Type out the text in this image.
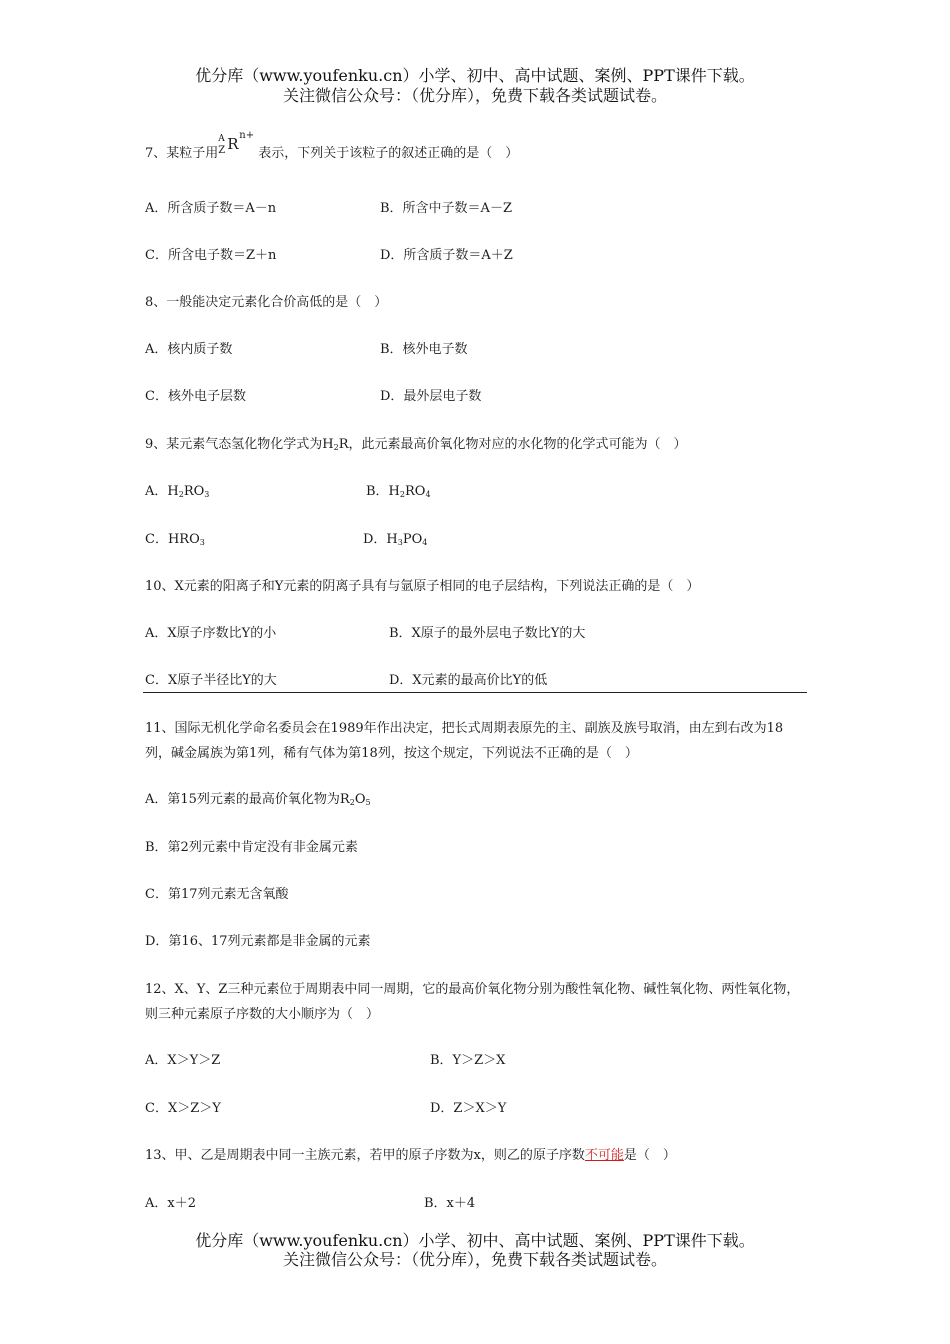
优分库（www.youfenku.cn）小学、初中、高中试题、案例、PPT课件下载。
关注微信公众号：（优分库），免费下载各类试题试卷。
7、某粒子用
A
Z R n+
表示，下列关于该粒子的叙述正确的是（　）
A．所含质子数＝A－n	B．所含中子数＝A－Z
C．所含电子数＝Z＋n	D．所含质子数＝A＋Z
8、一般能决定元素化合价高低的是（　）
A．核内质子数	B．核外电子数
C．核外电子层数	D．最外层电子数
9、某元素气态氢化物化学式为$H_2R$，此元素最高价氧化物对应的水化物的化学式可能为（　）
A．$H_2RO_3$	B．$H_2RO_4$
C．$HRO_3$	D．$H_3PO_4$
10、X元素的阳离子和Y元素的阴离子具有与氩原子相同的电子层结构，下列说法正确的是（　）
A．X原子序数比Y的小	B．X原子的最外层电子数比Y的大
C．X原子半径比Y的大	D．X元素的最高价比Y的低
11、国际无机化学命名委员会在1989年作出决定，把长式周期表原先的主、副族及族号取消，由左到右改为18列，碱金属族为第1列，稀有气体为第18列，按这个规定，下列说法不正确的是（　）
A．第15列元素的最高价氧化物为$R_2O_5$
B．第2列元素中肯定没有非金属元素
C．第17列元素无含氧酸
D．第16、17列元素都是非金属的元素
12、X、Y、Z三种元素位于周期表中同一周期，它的最高价氧化物分别为酸性氧化物、碱性氧化物、两性氧化物，则三种元素原子序数的大小顺序为（　）
A．X＞Y＞Z	B．Y＞Z＞X
C．X＞Z＞Y	D．Z＞X＞Y
13、甲、乙是周期表中同一主族元素，若甲的原子序数为x，则乙的原子序数不可能是（　）
A．x＋2	B．x＋4
优分库（www.youfenku.cn）小学、初中、高中试题、案例、PPT课件下载。
关注微信公众号：（优分库），免费下载各类试题试卷。
